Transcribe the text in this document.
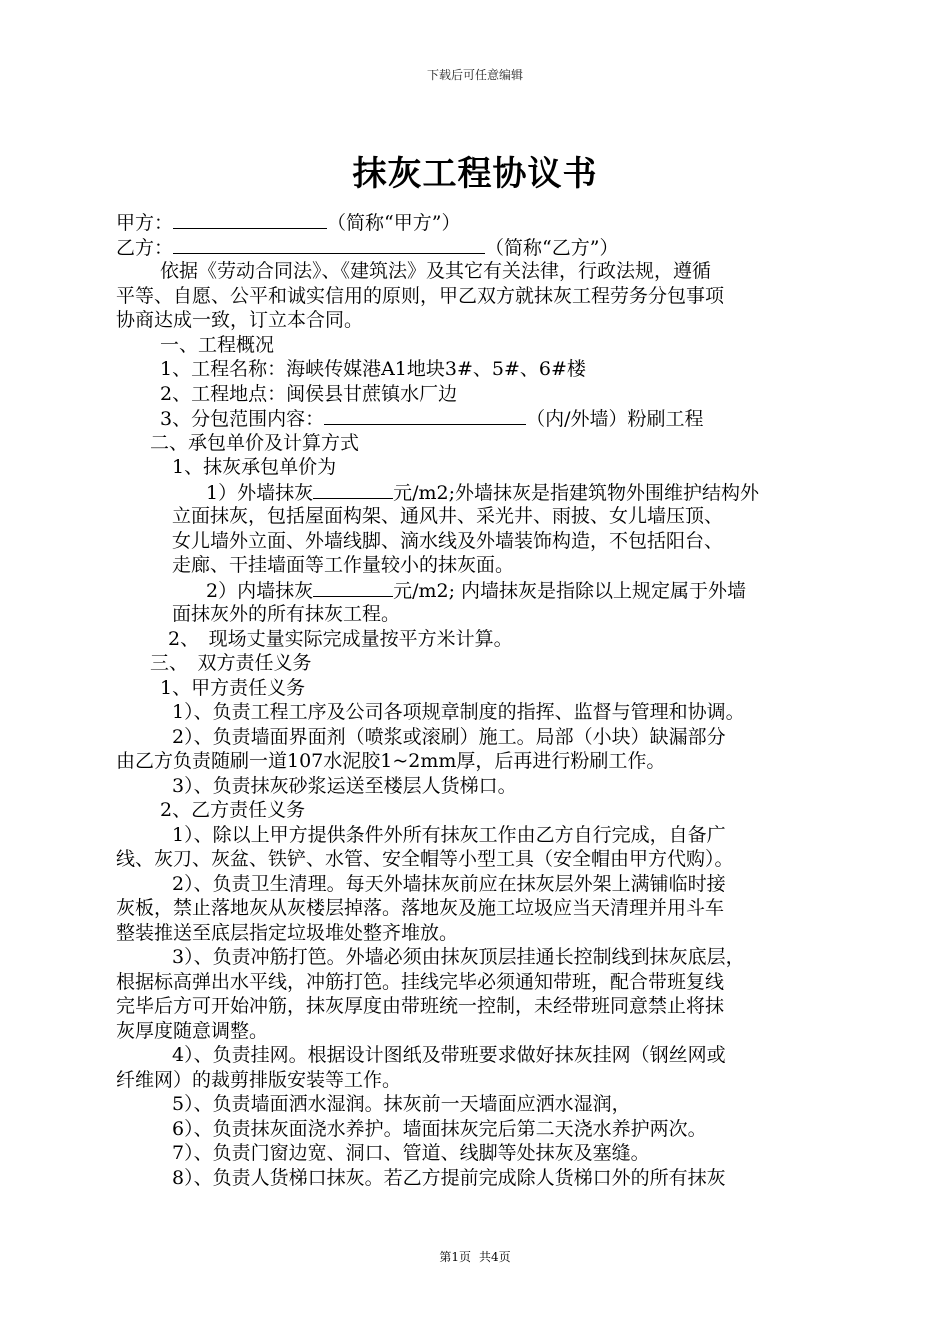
下载后可任意编辑
抹灰工程协议书
甲方：	（简称“甲方”）
乙方：	（简称“乙方”）
依据《劳动合同法》、《建筑法》及其它有关法律，行政法规，遵循
平等、自愿、公平和诚实信用的原则，甲乙双方就抹灰工程劳务分包事项
协商达成一致，订立本合同。
一、工程概况
1、工程名称：海峡传媒港A1地块3#、5#、6#楼
2、工程地点：闽侯县甘蔗镇水厂边
3、分包范围内容：	（内/外墙）粉刷工程
二、承包单价及计算方式
1、抹灰承包单价为
1）外墙抹灰	元/m2;外墙抹灰是指建筑物外围维护结构外
立面抹灰，包括屋面构架、通风井、采光井、雨披、女儿墙压顶、
女儿墙外立面、外墙线脚、滴水线及外墙装饰构造，不包括阳台、
走廊、干挂墙面等工作量较小的抹灰面。
2）内墙抹灰	元/m2; 内墙抹灰是指除以上规定属于外墙
面抹灰外的所有抹灰工程。
2、　现场丈量实际完成量按平方米计算。
三、　双方责任义务
1、甲方责任义务
1）、负责工程工序及公司各项规章制度的指挥、监督与管理和协调。
2）、负责墙面界面剂（喷浆或滚刷）施工。局部（小块）缺漏部分
由乙方负责随刷一道107水泥胶1~2mm厚，后再进行粉刷工作。
3）、负责抹灰砂浆运送至楼层人货梯口。
2、乙方责任义务
1）、除以上甲方提供条件外所有抹灰工作由乙方自行完成，自备广
线、灰刀、灰盆、铁铲、水管、安全帽等小型工具（安全帽由甲方代购）。
2）、负责卫生清理。每天外墙抹灰前应在抹灰层外架上满铺临时接
灰板，禁止落地灰从灰楼层掉落。落地灰及施工垃圾应当天清理并用斗车
整装推送至底层指定垃圾堆处整齐堆放。
3）、负责冲筋打笆。外墙必须由抹灰顶层挂通长控制线到抹灰底层，
根据标高弹出水平线，冲筋打笆。挂线完毕必须通知带班，配合带班复线
完毕后方可开始冲筋，抹灰厚度由带班统一控制，未经带班同意禁止将抹
灰厚度随意调整。
4）、负责挂网。根据设计图纸及带班要求做好抹灰挂网（钢丝网或
纤维网）的裁剪排版安装等工作。
5）、负责墙面洒水湿润。抹灰前一天墙面应洒水湿润，
6）、负责抹灰面浇水养护。墙面抹灰完后第二天浇水养护两次。
7）、负责门窗边宽、洞口、管道、线脚等处抹灰及塞缝。
8）、负责人货梯口抹灰。若乙方提前完成除人货梯口外的所有抹灰
第1页 共4页
